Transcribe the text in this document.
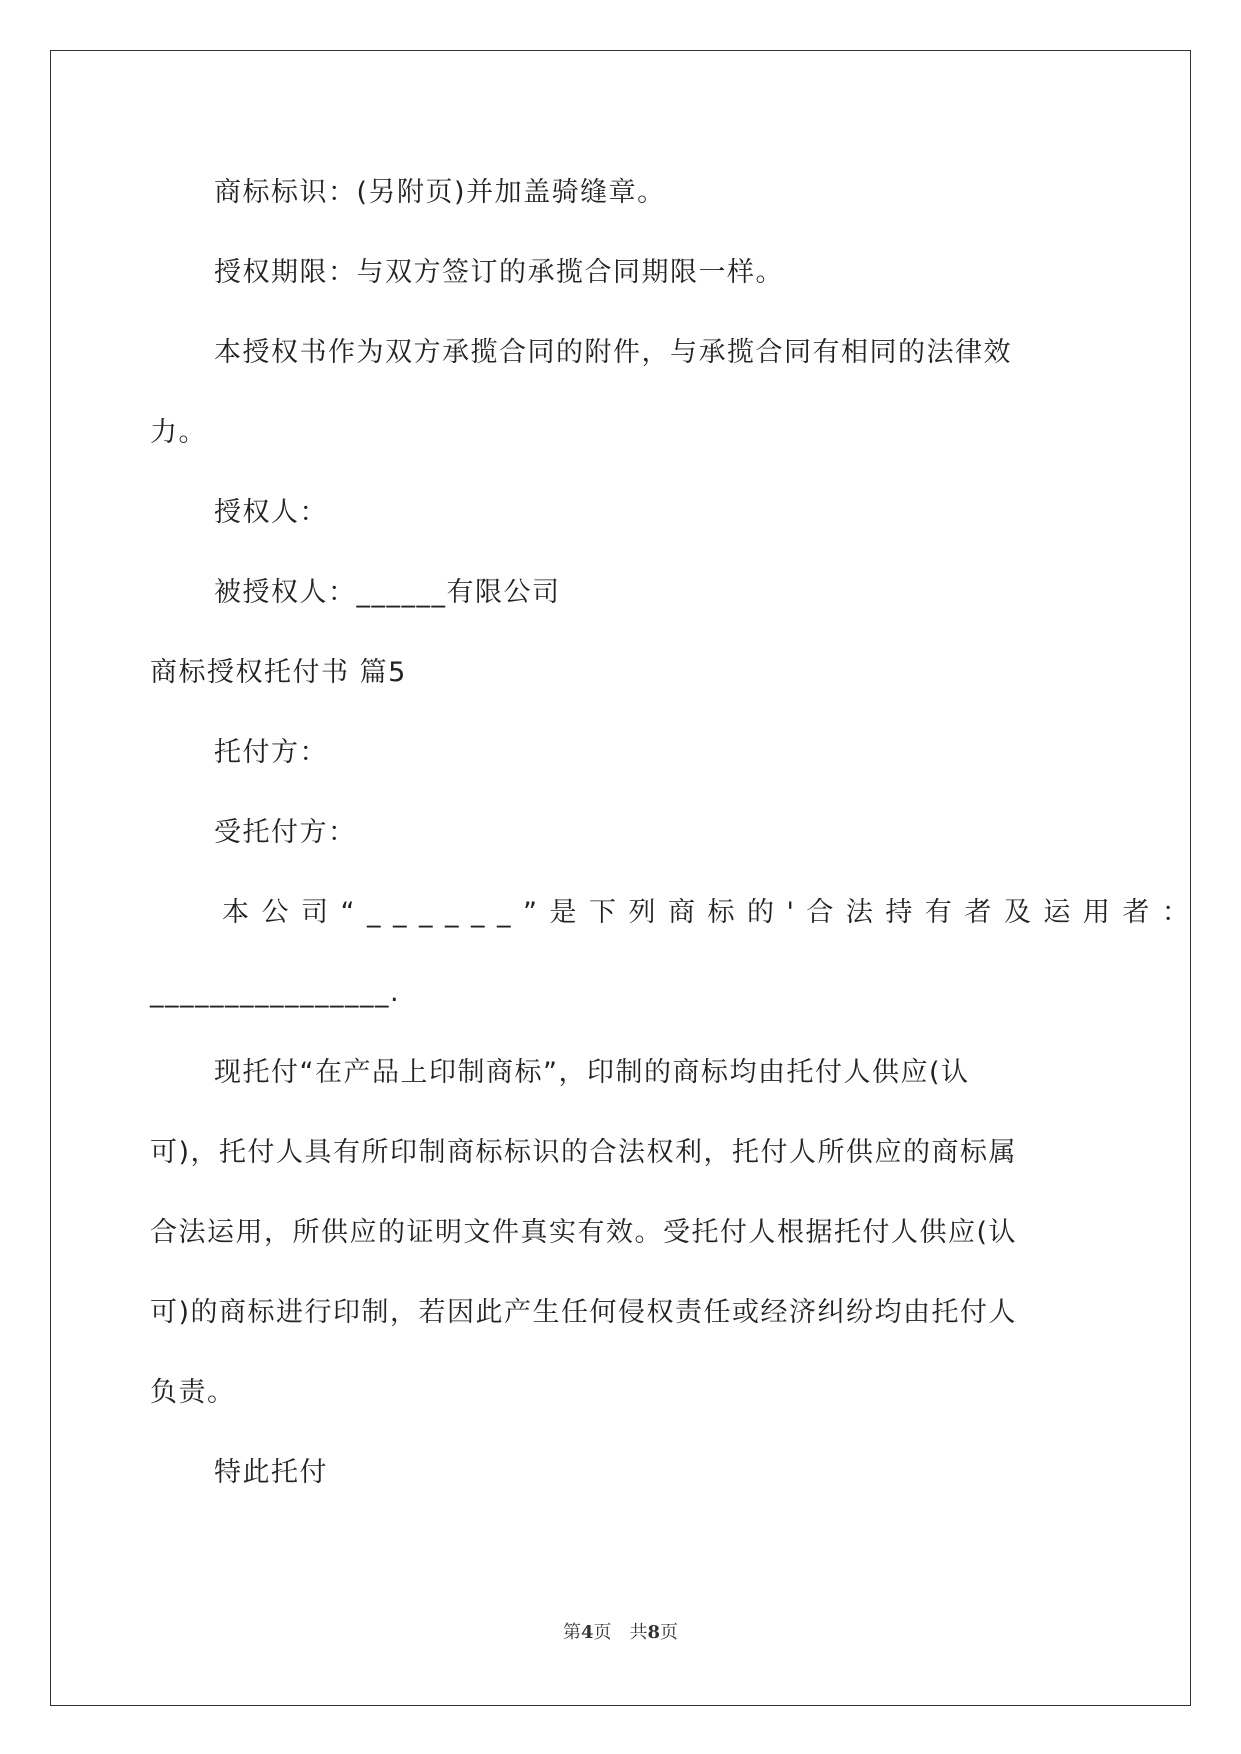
商标标识：(另附页)并加盖骑缝章。
授权期限：与双方签订的承揽合同期限一样。
本授权书作为双方承揽合同的附件，与承揽合同有相同的法律效
力。
授权人：
被授权人：______有限公司
商标授权托付书 篇5
托付方：
受托付方：
本公司“______”是下列商标的'合法持有者及运用者：
________________.
现托付“在产品上印制商标”，印制的商标均由托付人供应(认
可)，托付人具有所印制商标标识的合法权利，托付人所供应的商标属
合法运用，所供应的证明文件真实有效。受托付人根据托付人供应(认
可)的商标进行印制，若因此产生任何侵权责任或经济纠纷均由托付人
负责。
特此托付
第4页　共8页
